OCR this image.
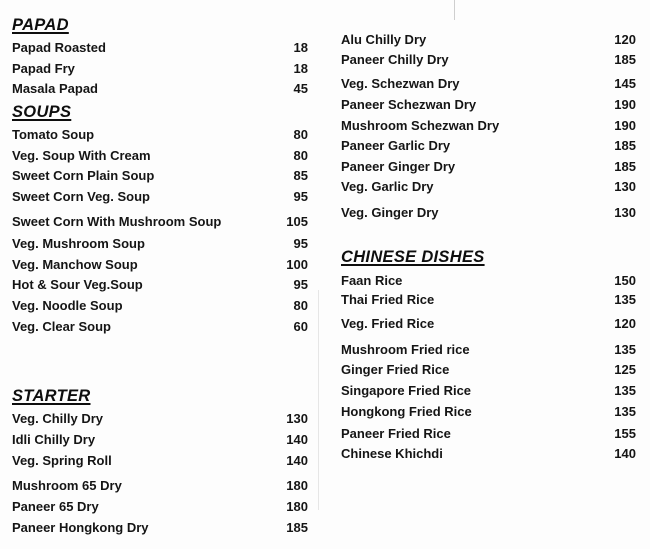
PAPAD
Papad Roasted	18
Papad Fry	18
Masala Papad	45
SOUPS
Tomato Soup	80
Veg. Soup With Cream	80
Sweet Corn Plain Soup	85
Sweet Corn Veg. Soup	95
Sweet Corn With Mushroom Soup	105
Veg. Mushroom Soup	95
Veg. Manchow Soup	100
Hot & Sour Veg.Soup	95
Veg. Noodle Soup	80
Veg. Clear Soup	60
STARTER
Veg. Chilly Dry	130
Idli Chilly Dry	140
Veg. Spring Roll	140
Mushroom 65 Dry	180
Paneer 65 Dry	180
Paneer Hongkong Dry	185
Alu Chilly Dry	120
Paneer Chilly Dry	185
Veg. Schezwan Dry	145
Paneer Schezwan Dry	190
Mushroom Schezwan Dry	190
Paneer Garlic Dry	185
Paneer Ginger Dry	185
Veg. Garlic Dry	130
Veg. Ginger Dry	130
CHINESE DISHES
Faan Rice	150
Thai Fried Rice	135
Veg. Fried Rice	120
Mushroom Fried rice	135
Ginger Fried Rice	125
Singapore Fried Rice	135
Hongkong Fried Rice	135
Paneer Fried Rice	155
Chinese Khichdi	140
